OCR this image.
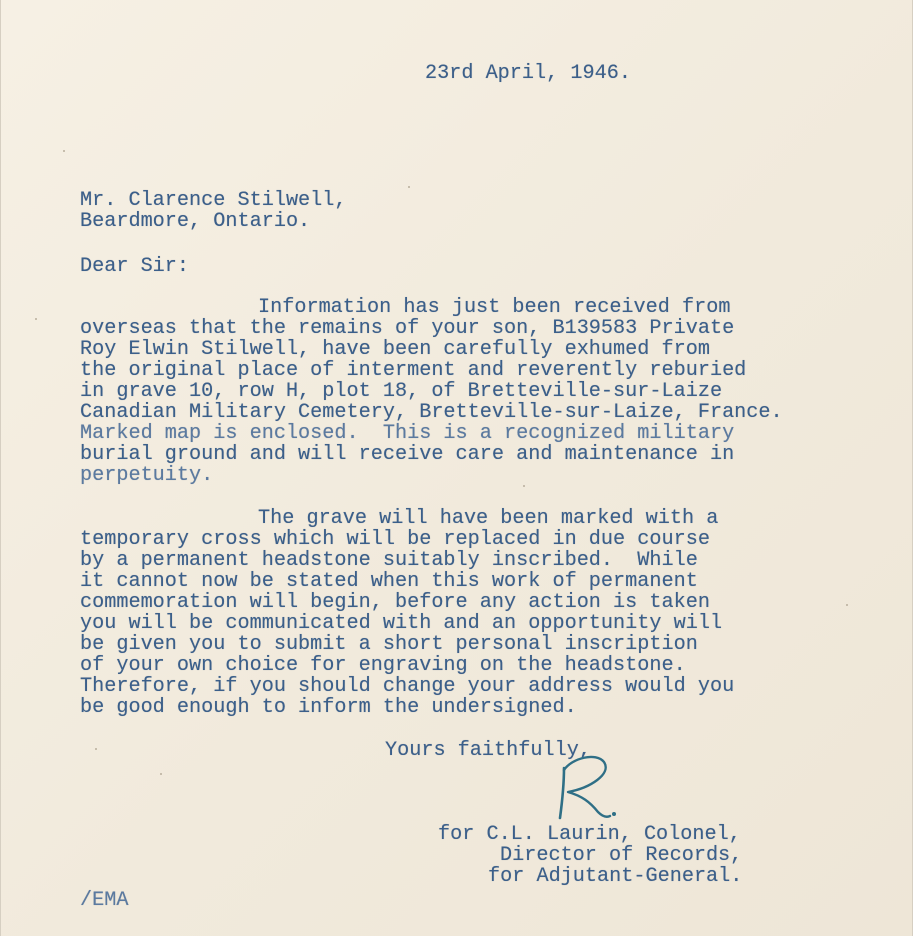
23rd April, 1946.
Mr. Clarence Stilwell,
Beardmore, Ontario.
Dear Sir:
Information has just been received from
overseas that the remains of your son, B139583 Private
Roy Elwin Stilwell, have been carefully exhumed from
the original place of interment and reverently reburied
in grave 10, row H, plot 18, of Bretteville-sur-Laize
Canadian Military Cemetery, Bretteville-sur-Laize, France.
Marked map is enclosed.  This is a recognized military
burial ground and will receive care and maintenance in
perpetuity.
The grave will have been marked with a
temporary cross which will be replaced in due course
by a permanent headstone suitably inscribed.  While
it cannot now be stated when this work of permanent
commemoration will begin, before any action is taken
you will be communicated with and an opportunity will
be given you to submit a short personal inscription
of your own choice for engraving on the headstone.
Therefore, if you should change your address would you
be good enough to inform the undersigned.
Yours faithfully,
for C.L. Laurin, Colonel,
Director of Records,
for Adjutant-General.
/EMA
